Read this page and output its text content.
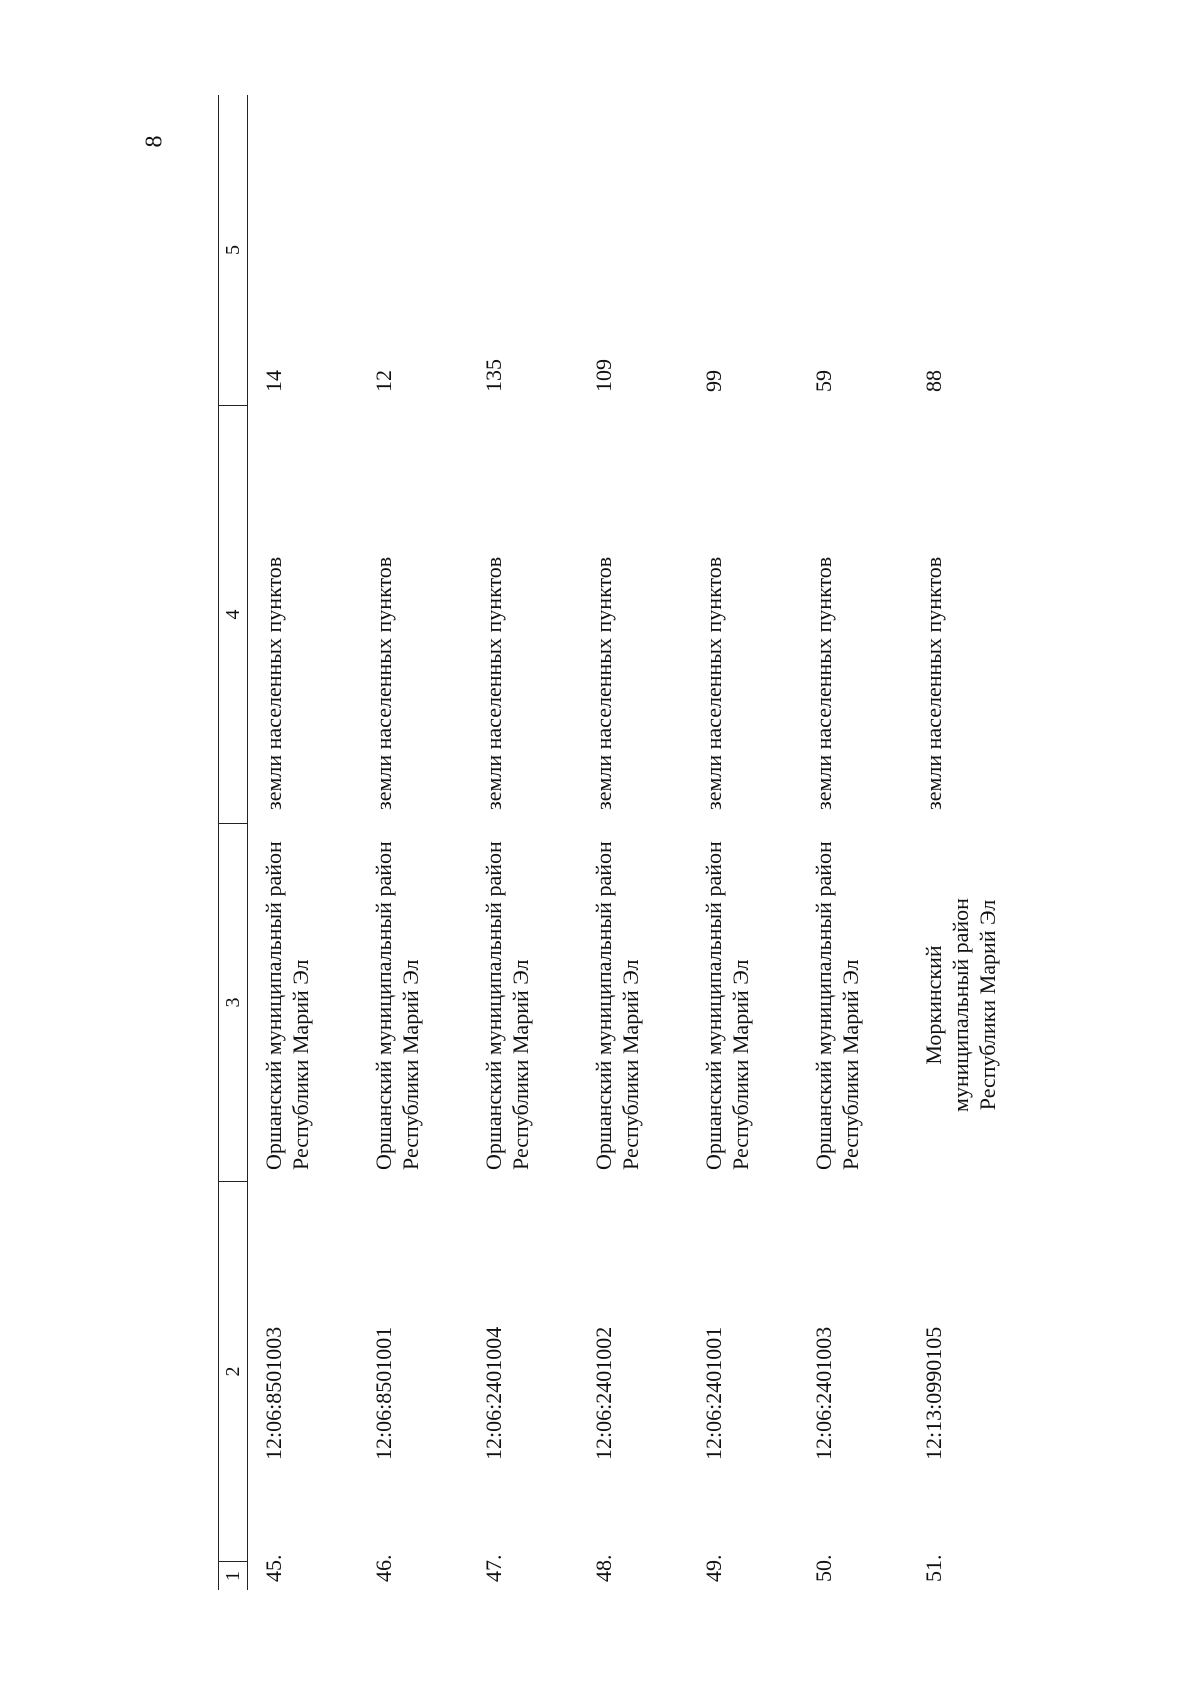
8
1
2
3
4
5
45.
12:06:8501003
Оршанский муниципальный район Республики Марий Эл
земли населенных пунктов
14
46.
12:06:8501001
Оршанский муниципальный район Республики Марий Эл
земли населенных пунктов
12
47.
12:06:2401004
Оршанский муниципальный район Республики Марий Эл
земли населенных пунктов
135
48.
12:06:2401002
Оршанский муниципальный район Республики Марий Эл
земли населенных пунктов
109
49.
12:06:2401001
Оршанский муниципальный район Республики Марий Эл
земли населенных пунктов
99
50.
12:06:2401003
Оршанский муниципальный район Республики Марий Эл
земли населенных пунктов
59
51.
12:13:0990105
Моркинский муниципальный район Республики Марий Эл
земли населенных пунктов
88
